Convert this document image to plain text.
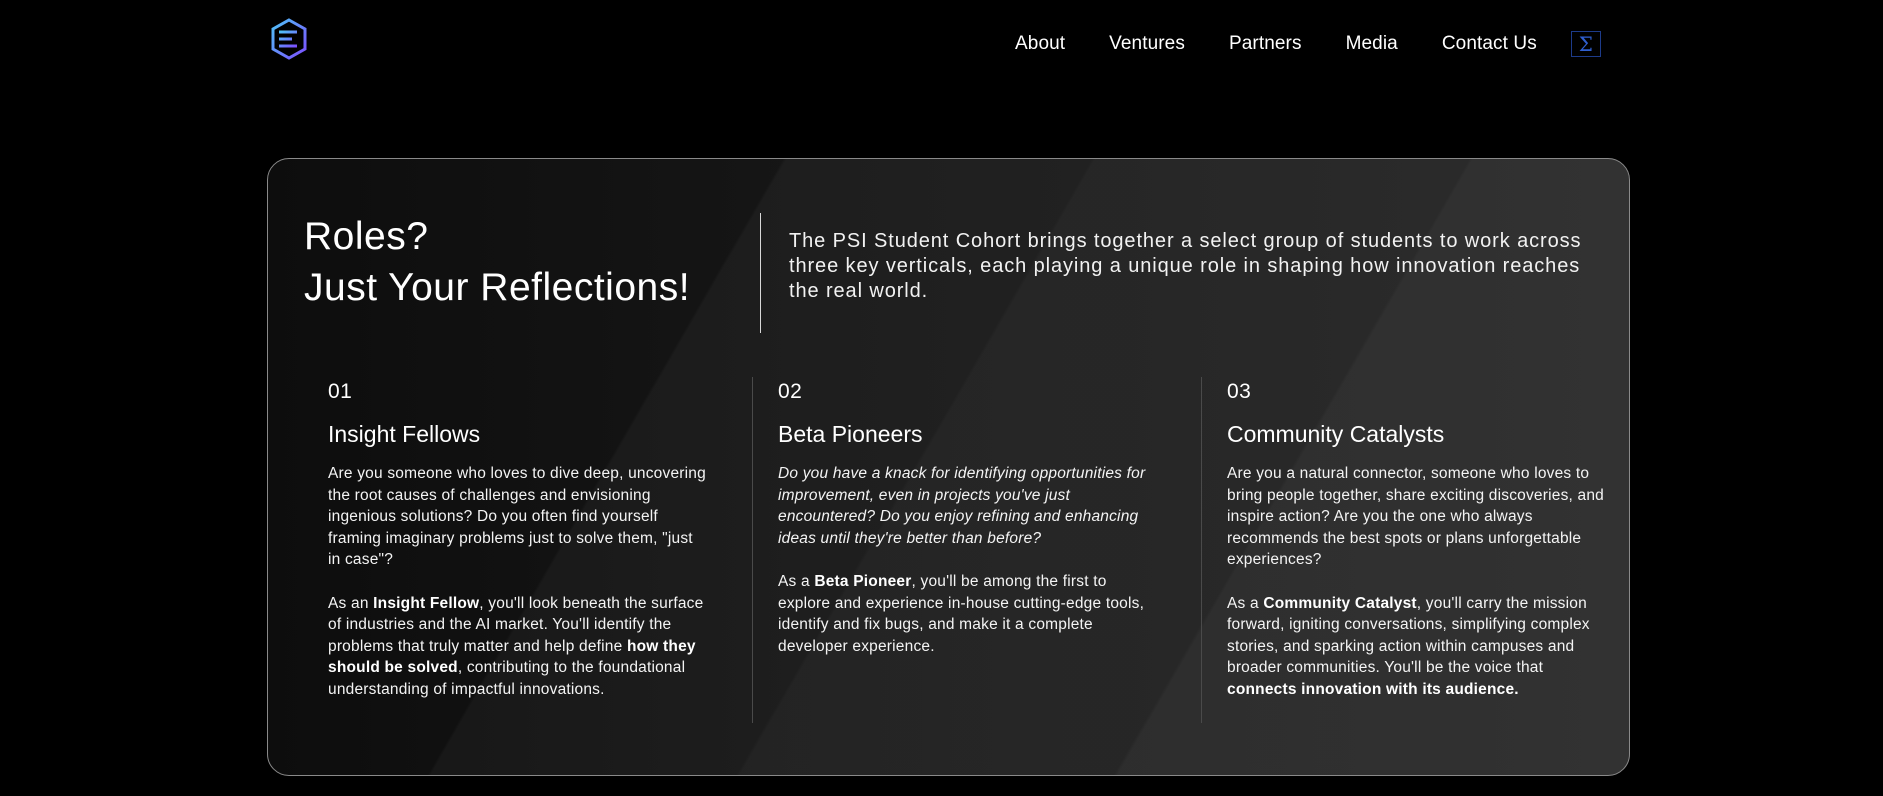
About Ventures Partners Media Contact Us	Σ
Roles?
Just Your Reflections!

The PSI Student Cohort brings together a select group of students to work across three key verticals, each playing a unique role in shaping how innovation reaches the real world.

01

Insight Fellows

Are you someone who loves to dive deep, uncovering the root causes of challenges and envisioning ingenious solutions? Do you often find yourself framing imaginary problems just to solve them, "just in case"?

As an Insight Fellow, you'll look beneath the surface of industries and the AI market. You'll identify the problems that truly matter and help define how they should be solved, contributing to the foundational understanding of impactful innovations.

02

Beta Pioneers

Do you have a knack for identifying opportunities for improvement, even in projects you've just encountered? Do you enjoy refining and enhancing ideas until they're better than before?

As a Beta Pioneer, you'll be among the first to explore and experience in-house cutting-edge tools, identify and fix bugs, and make it a complete developer experience.

03

Community Catalysts

Are you a natural connector, someone who loves to bring people together, share exciting discoveries, and inspire action? Are you the one who always recommends the best spots or plans unforgettable experiences?

As a Community Catalyst, you'll carry the mission forward, igniting conversations, simplifying complex stories, and sparking action within campuses and broader communities. You'll be the voice that connects innovation with its audience.
